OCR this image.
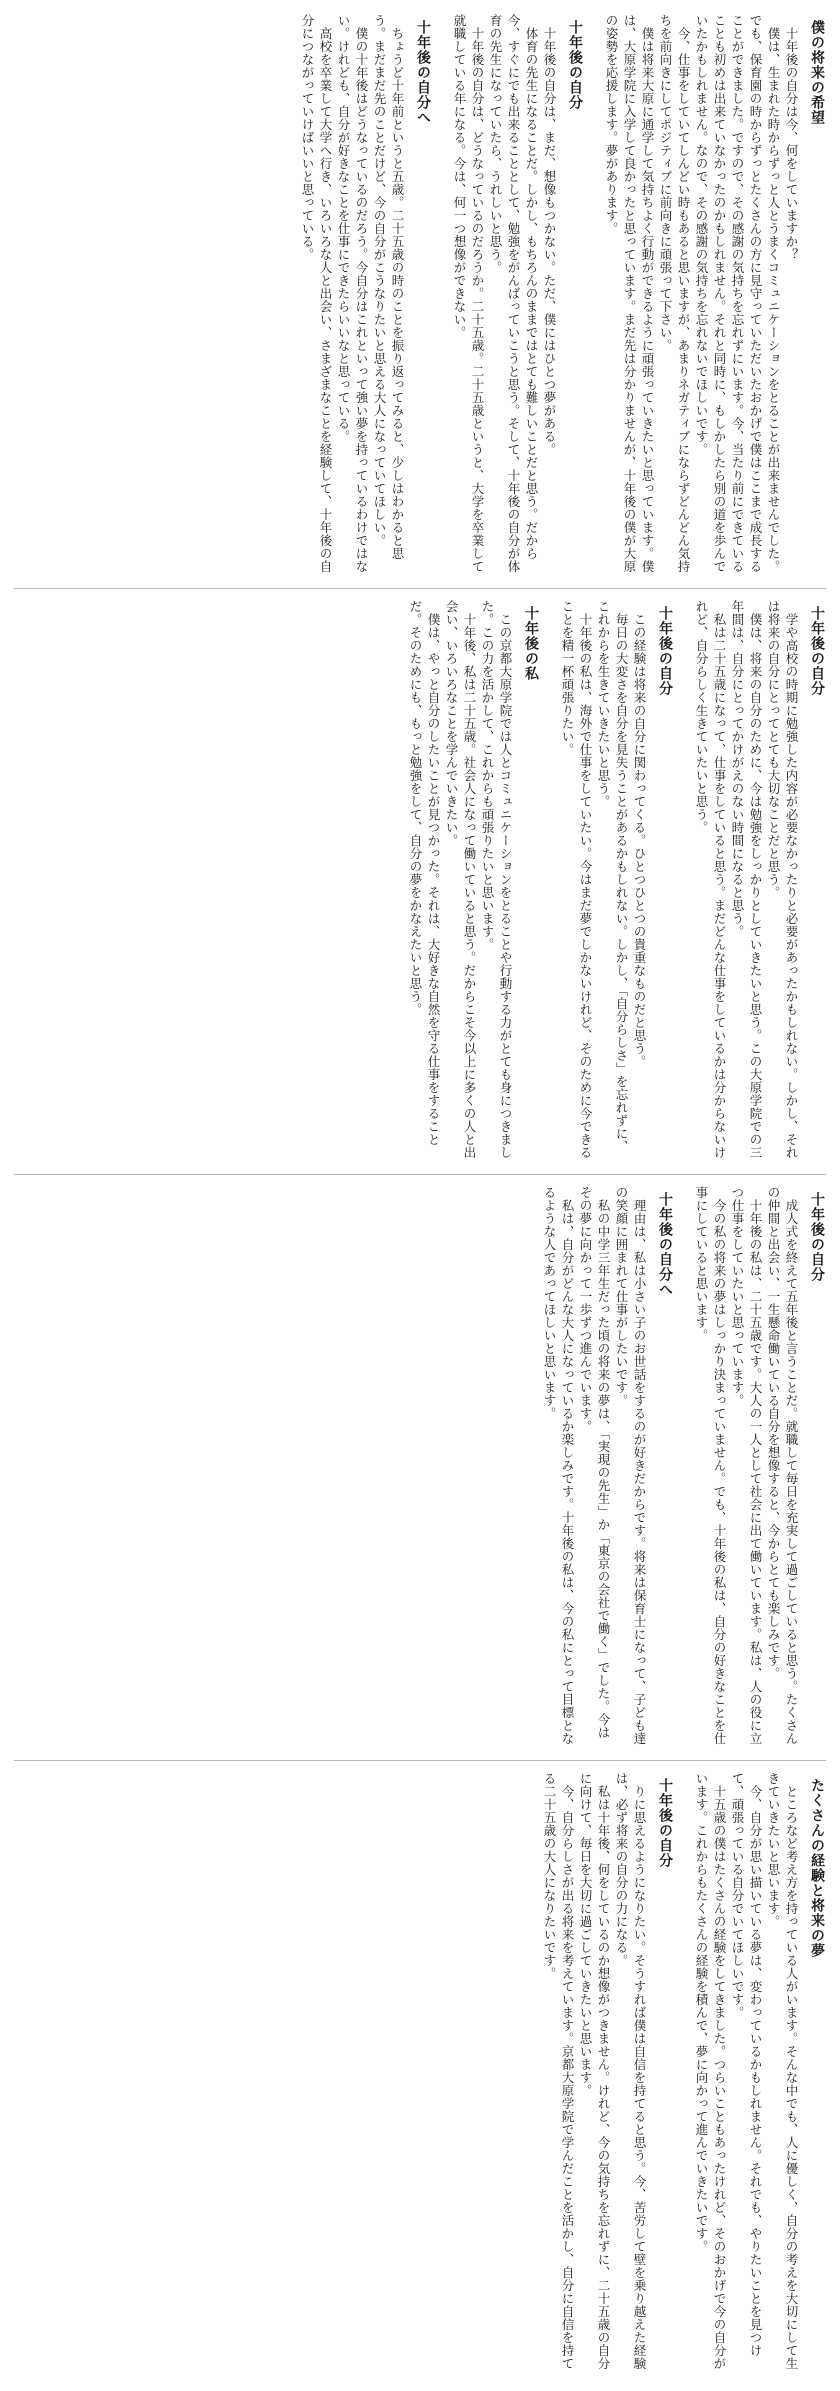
僕の将来の希望

十年後の自分は今、何をしていますか？

僕は、生まれた時からずっと人とうまくコミュニケーションをとることが出来ませんでした。でも、保育園の時からずっとたくさんの方に見守っていただいたおかげで僕はここまで成長することができました。ですので、その感謝の気持ちを忘れずにいます。今、当たり前にできていることも初めは出来ていなかったのかもしれません。それと同時に、もしかしたら別の道を歩んでいたかもしれません。なので、その感謝の気持ちを忘れないでほしいです。

今、仕事をしていてしんどい時もあると思いますが、あまりネガティブにならずどんどん気持ちを前向きにしてポジティブに前向きに頑張って下さい。

僕は将来大原に通学して気持ちよく行動ができるように頑張っていきたいと思っています。僕は、大原学院に入学して良かったと思っています。まだ先は分かりませんが、十年後の僕が大原の姿勢を応援します。夢があります。

十年後の自分

十年後の自分は、まだ、想像もつかない。ただ、僕にはひとつ夢がある。

体育の先生になることだ。しかし、もちろんのままではとても難しいことだと思う。だから今、すぐにでも出来ることとして、勉強をがんばっていこうと思う。そして、十年後の自分が体育の先生になっていたら、うれしいと思う。

十年後の自分は、どうなっているのだろうか。二十五歳。二十五歳というと、大学を卒業して就職している年になる。今は、何一つ想像ができない。

十年後の自分へ

ちょうど十年前というと五歳。二十五歳の時のことを振り返ってみると、少しはわかると思う。まだまだ先のことだけど、今の自分がこうなりたいと思える大人になっていてほしい。

僕の十年後はどうなっているのだろう。今自分はこれといって強い夢を持っているわけではない。けれども、自分が好きなことを仕事にできたらいいなと思っている。

高校を卒業して大学へ行き、いろいろな人と出会い、さまざまなことを経験して、十年後の自分につながっていけばいいと思っている。

十年後の自分

学や高校の時期に勉強した内容が必要なかったりと必要があったかもしれない。しかし、それは将来の自分にとってとても大切なことだと思う。

僕は、将来の自分のために、今は勉強をしっかりとしていきたいと思う。この大原学院での三年間は、自分にとってかけがえのない時間になると思う。

私は二十五歳になって、仕事をしていると思う。まだどんな仕事をしているかは分からないけれど、自分らしく生きていたいと思う。

十年後の自分

この経験は将来の自分に関わってくる。ひとつひとつの貴重なものだと思う。

毎日の大変さを自分を見失うことがあるかもしれない。しかし、「自分らしさ」を忘れずに、これからを生きていきたいと思う。

十年後の私は、海外で仕事をしていたい。今はまだ夢でしかないけれど、そのために今できることを精一杯頑張りたい。

十年後の私

この京都大原学院では人とコミュニケーションをとることや行動する力がとても身につきました。この力を活かして、これからも頑張りたいと思います。

十年後、私は二十五歳。社会人になって働いていると思う。だからこそ今以上に多くの人と出会い、いろいろなことを学んでいきたい。

僕は、やっと自分のしたいことが見つかった。それは、大好きな自然を守る仕事をすることだ。そのためにも、もっと勉強をして、自分の夢をかなえたいと思う。

十年後の自分

成人式を終えて五年後と言うことだ。就職して毎日を充実して過ごしていると思う。たくさんの仲間と出会い、一生懸命働いている自分を想像すると、今からとても楽しみです。

十年後の私は、二十五歳です。大人の一人として社会に出て働いています。私は、人の役に立つ仕事をしていたいと思っています。

今の私の将来の夢はしっかり決まっていません。でも、十年後の私は、自分の好きなことを仕事にしていると思います。

十年後の自分へ

理由は、私は小さい子のお世話をするのが好きだからです。将来は保育士になって、子ども達の笑顔に囲まれて仕事がしたいです。

私の中学三年生だった頃の将来の夢は、「実現の先生」か「東京の会社で働く」でした。今はその夢に向かって一歩ずつ進んでいます。

私は、自分がどんな大人になっているか楽しみです。十年後の私は、今の私にとって目標となるような人であってほしいと思います。

たくさんの経験と将来の夢

ところなど考え方を持っている人がいます。そんな中でも、人に優しく、自分の考えを大切にして生きていきたいと思います。

今、自分が思い描いている夢は、変わっているかもしれません。それでも、やりたいことを見つけて、頑張っている自分でいてほしいです。

十五歳の僕はたくさんの経験をしてきました。つらいこともあったけれど、そのおかげで今の自分がいます。これからもたくさんの経験を積んで、夢に向かって進んでいきたいです。

十年後の自分

りに思えるようになりたい。そうすれば僕は自信を持てると思う。今、苦労して壁を乗り越えた経験は、必ず将来の自分の力になる。

私は十年後、何をしているのか想像がつきません。けれど、今の気持ちを忘れずに、二十五歳の自分に向けて、毎日を大切に過ごしていきたいと思います。

今、自分らしさが出る将来を考えています。京都大原学院で学んだことを活かし、自分に自信を持てる二十五歳の大人になりたいです。
